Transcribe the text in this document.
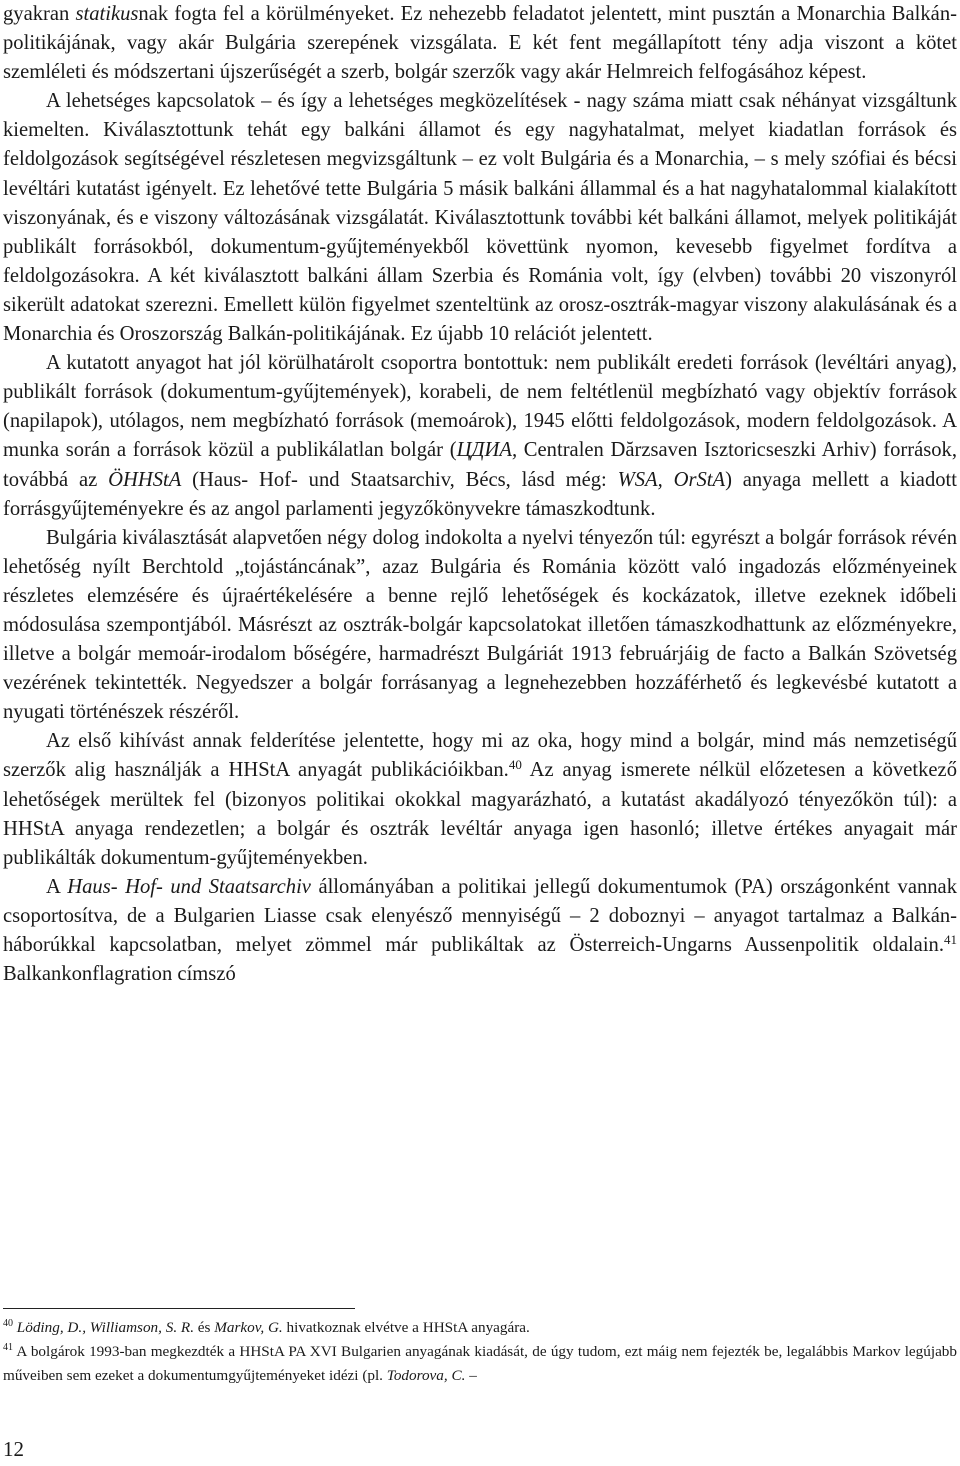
gyakran statikusnak fogta fel a körülményeket. Ez nehezebb feladatot jelentett, mint pusztán a Monarchia Balkán-politikájának, vagy akár Bulgária szerepének vizsgálata. E két fent megállapított tény adja viszont a kötet szemléleti és módszertani újszerűségét a szerb, bolgár szerzők vagy akár Helmreich felfogásához képest.

A lehetséges kapcsolatok – és így a lehetséges megközelítések - nagy száma miatt csak néhányat vizsgáltunk kiemelten. Kiválasztottunk tehát egy balkáni államot és egy nagyhatalmat, melyet kiadatlan források és feldolgozások segítségével részletesen megvizsgáltunk – ez volt Bulgária és a Monarchia, – s mely szófiai és bécsi levéltári kutatást igényelt. Ez lehetővé tette Bulgária 5 másik balkáni állammal és a hat nagyhatalommal kialakított viszonyának, és e viszony változásának vizsgálatát. Kiválasztottunk további két balkáni államot, melyek politikáját publikált forrásokból, dokumentum-gyűjteményekből követtünk nyomon, kevesebb figyelmet fordítva a feldolgozásokra. A két kiválasztott balkáni állam Szerbia és Románia volt, így (elvben) további 20 viszonyról sikerült adatokat szerezni. Emellett külön figyelmet szenteltünk az orosz-osztrák-magyar viszony alakulásának és a Monarchia és Oroszország Balkán-politikájának. Ez újabb 10 relációt jelentett.

A kutatott anyagot hat jól körülhatárolt csoportra bontottuk: nem publikált eredeti források (levéltári anyag), publikált források (dokumentum-gyűjtemények), korabeli, de nem feltétlenül megbízható vagy objektív források (napilapok), utólagos, nem megbízható források (memoárok), 1945 előtti feldolgozások, modern feldolgozások. A munka során a források közül a publikálatlan bolgár (ЦДИА, Centralen Dărzsaven Isztoricseszki Arhiv) források, továbbá az ÖHHStA (Haus- Hof- und Staatsarchiv, Bécs, lásd még: WSA, OrStA) anyaga mellett a kiadott forrásgyűjteményekre és az angol parlamenti jegyzőkönyvekre támaszkodtunk.

Bulgária kiválasztását alapvetően négy dolog indokolta a nyelvi tényezőn túl: egyrészt a bolgár források révén lehetőség nyílt Berchtold „tojástáncának”, azaz Bulgária és Románia között való ingadozás előzményeinek részletes elemzésére és újraértékelésére a benne rejlő lehetőségek és kockázatok, illetve ezeknek időbeli módosulása szempontjából. Másrészt az osztrák-bolgár kapcsolatokat illetően támaszkodhattunk az előzményekre, illetve a bolgár memoár-irodalom bőségére, harmadrészt Bulgáriát 1913 februárjáig de facto a Balkán Szövetség vezérének tekintették. Negyedszer a bolgár forrásanyag a legnehezebben hozzáférhető és legkevésbé kutatott a nyugati történészek részéről.

Az első kihívást annak felderítése jelentette, hogy mi az oka, hogy mind a bolgár, mind más nemzetiségű szerzők alig használják a HHStA anyagát publikációikban.$^{40}$ Az anyag ismerete nélkül előzetesen a következő lehetőségek merültek fel (bizonyos politikai okokkal magyarázható, a kutatást akadályozó tényezőkön túl): a HHStA anyaga rendezetlen; a bolgár és osztrák levéltár anyaga igen hasonló; illetve értékes anyagait már publikálták dokumentum-gyűjteményekben.

A Haus- Hof- und Staatsarchiv állományában a politikai jellegű dokumentumok (PA) országonként vannak csoportosítva, de a Bulgarien Liasse csak elenyésző mennyiségű – 2 doboznyi – anyagot tartalmaz a Balkán-háborúkkal kapcsolatban, melyet zömmel már publikáltak az Österreich-Ungarns Aussenpolitik oldalain.$^{41}$ Balkankonflagration címszó

$^{40}$ Löding, D., Williamson, S. R. és Markov, G. hivatkoznak elvétve a HHStA anyagára.

$^{41}$ A bolgárok 1993-ban megkezdték a HHStA PA XVI Bulgarien anyagának kiadását, de úgy tudom, ezt máig nem fejezték be, legalábbis Markov legújabb műveiben sem ezeket a dokumentumgyűjteményeket idézi (pl. Todorova, C. –

12
